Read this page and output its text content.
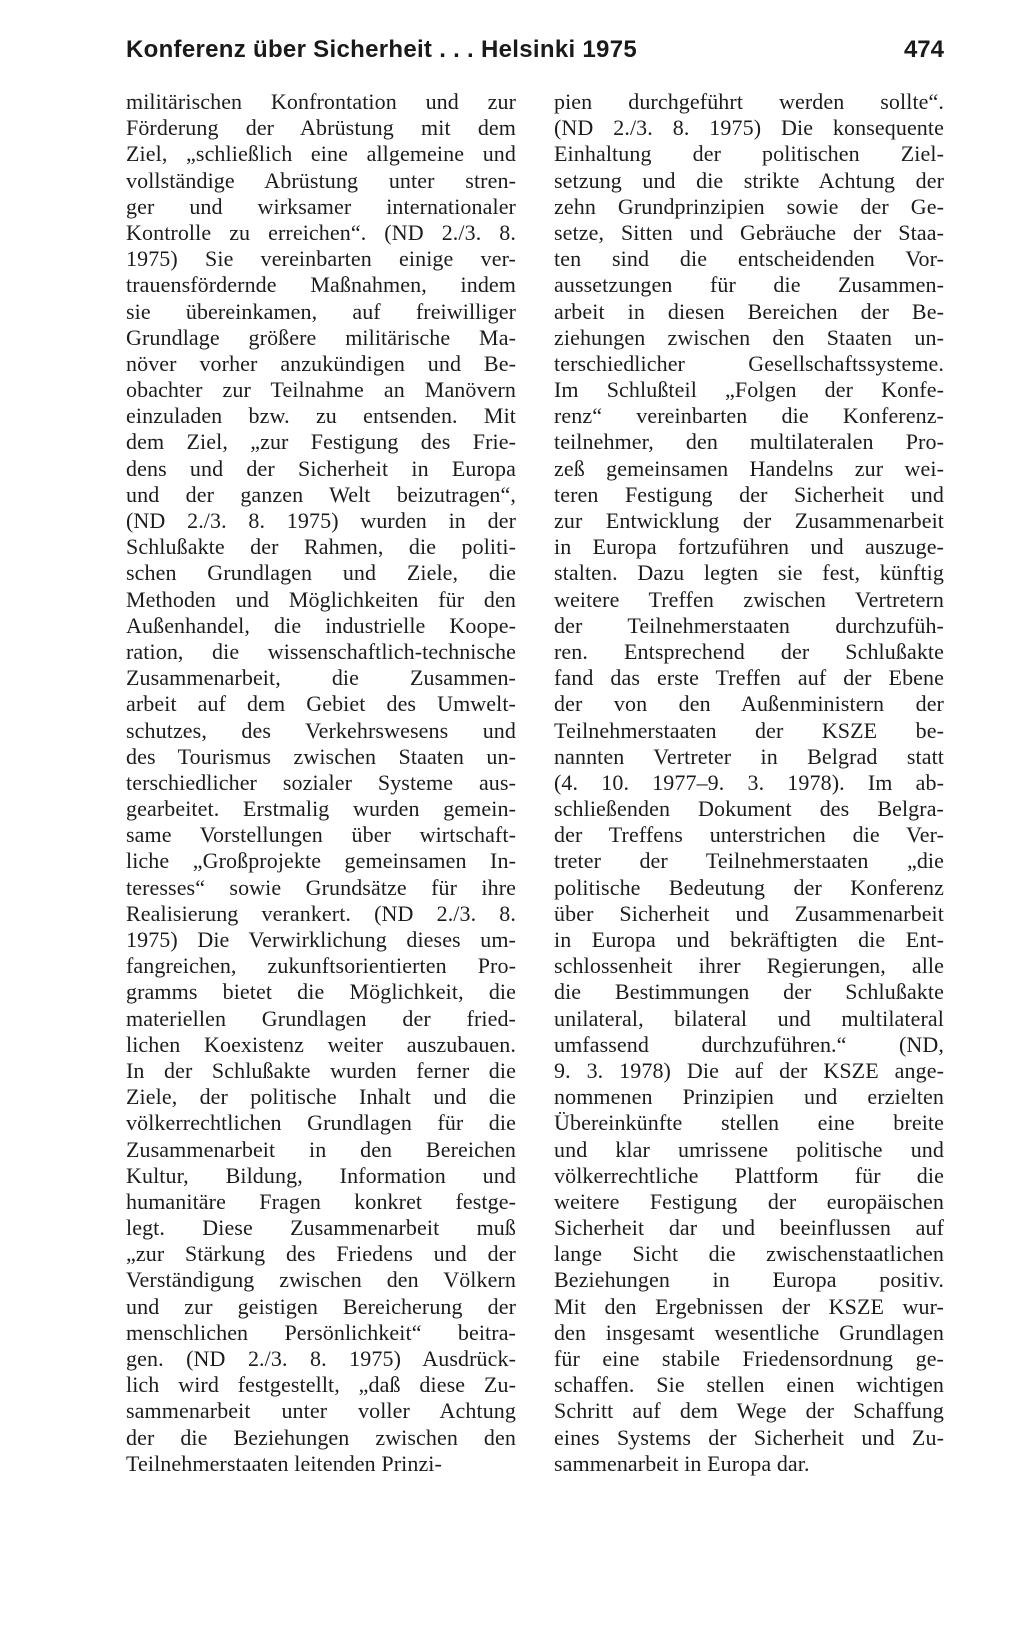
Konferenz über Sicherheit . . . Helsinki 1975	474
militärischen Konfrontation und zur
Förderung der Abrüstung mit dem
Ziel, „schließlich eine allgemeine und
vollständige Abrüstung unter stren-
ger und wirksamer internationaler
Kontrolle zu erreichen“. (ND 2./3. 8.
1975) Sie vereinbarten einige ver-
trauensfördernde Maßnahmen, indem
sie übereinkamen, auf freiwilliger
Grundlage größere militärische Ma-
növer vorher anzukündigen und Be-
obachter zur Teilnahme an Manövern
einzuladen bzw. zu entsenden. Mit
dem Ziel, „zur Festigung des Frie-
dens und der Sicherheit in Europa
und der ganzen Welt beizutragen“,
(ND 2./3. 8. 1975) wurden in der
Schlußakte der Rahmen, die politi-
schen Grundlagen und Ziele, die
Methoden und Möglichkeiten für den
Außenhandel, die industrielle Koope-
ration, die wissenschaftlich-technische
Zusammenarbeit, die Zusammen-
arbeit auf dem Gebiet des Umwelt-
schutzes, des Verkehrswesens und
des Tourismus zwischen Staaten un-
terschiedlicher sozialer Systeme aus-
gearbeitet. Erstmalig wurden gemein-
same Vorstellungen über wirtschaft-
liche „Großprojekte gemeinsamen In-
teresses“ sowie Grundsätze für ihre
Realisierung verankert. (ND 2./3. 8.
1975) Die Verwirklichung dieses um-
fangreichen, zukunftsorientierten Pro-
gramms bietet die Möglichkeit, die
materiellen Grundlagen der fried-
lichen Koexistenz weiter auszubauen.
In der Schlußakte wurden ferner die
Ziele, der politische Inhalt und die
völkerrechtlichen Grundlagen für die
Zusammenarbeit in den Bereichen
Kultur, Bildung, Information und
humanitäre Fragen konkret festge-
legt. Diese Zusammenarbeit muß
„zur Stärkung des Friedens und der
Verständigung zwischen den Völkern
und zur geistigen Bereicherung der
menschlichen Persönlichkeit“ beitra-
gen. (ND 2./3. 8. 1975) Ausdrück-
lich wird festgestellt, „daß diese Zu-
sammenarbeit unter voller Achtung
der die Beziehungen zwischen den
Teilnehmerstaaten leitenden Prinzi-
pien durchgeführt werden sollte“.
(ND 2./3. 8. 1975) Die konsequente
Einhaltung der politischen Ziel-
setzung und die strikte Achtung der
zehn Grundprinzipien sowie der Ge-
setze, Sitten und Gebräuche der Staa-
ten sind die entscheidenden Vor-
aussetzungen für die Zusammen-
arbeit in diesen Bereichen der Be-
ziehungen zwischen den Staaten un-
terschiedlicher Gesellschaftssysteme.
Im Schlußteil „Folgen der Konfe-
renz“ vereinbarten die Konferenz-
teilnehmer, den multilateralen Pro-
zeß gemeinsamen Handelns zur wei-
teren Festigung der Sicherheit und
zur Entwicklung der Zusammenarbeit
in Europa fortzuführen und auszuge-
stalten. Dazu legten sie fest, künftig
weitere Treffen zwischen Vertretern
der Teilnehmerstaaten durchzufüh-
ren. Entsprechend der Schlußakte
fand das erste Treffen auf der Ebene
der von den Außenministern der
Teilnehmerstaaten der KSZE be-
nannten Vertreter in Belgrad statt
(4. 10. 1977–9. 3. 1978). Im ab-
schließenden Dokument des Belgra-
der Treffens unterstrichen die Ver-
treter der Teilnehmerstaaten „die
politische Bedeutung der Konferenz
über Sicherheit und Zusammenarbeit
in Europa und bekräftigten die Ent-
schlossenheit ihrer Regierungen, alle
die Bestimmungen der Schlußakte
unilateral, bilateral und multilateral
umfassend durchzuführen.“ (ND,
9. 3. 1978) Die auf der KSZE ange-
nommenen Prinzipien und erzielten
Übereinkünfte stellen eine breite
und klar umrissene politische und
völkerrechtliche Plattform für die
weitere Festigung der europäischen
Sicherheit dar und beeinflussen auf
lange Sicht die zwischenstaatlichen
Beziehungen in Europa positiv.
Mit den Ergebnissen der KSZE wur-
den insgesamt wesentliche Grundlagen
für eine stabile Friedensordnung ge-
schaffen. Sie stellen einen wichtigen
Schritt auf dem Wege der Schaffung
eines Systems der Sicherheit und Zu-
sammenarbeit in Europa dar.
